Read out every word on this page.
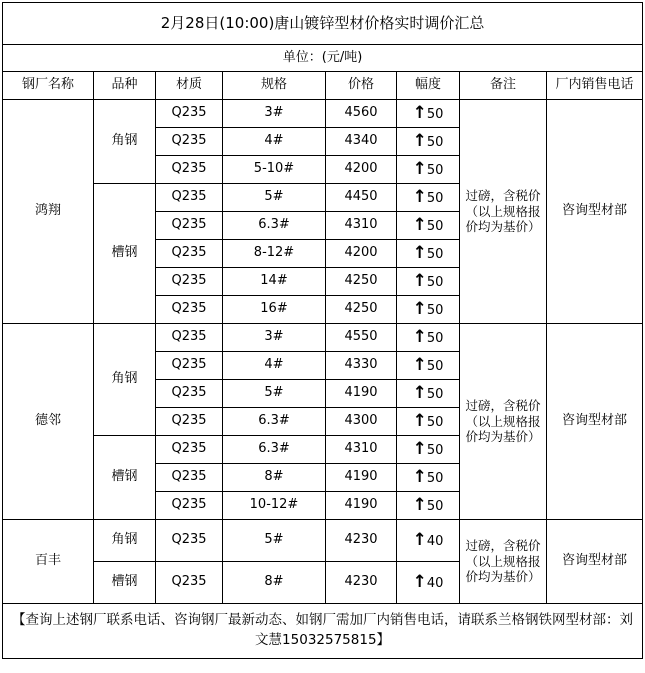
2月28日(10:00)唐山镀锌型材价格实时调价汇总							
单位：(元/吨)							
钢厂名称	品种	材质	规格	价格	幅度	备注	厂内销售电话
鸿翔	角钢	Q235	3#	4560	↑50	过磅，含税价（以上规格报价均为基价）	咨询型材部
		Q235	4#	4340	↑50		
		Q235	5-10#	4200	↑50		
	槽钢	Q235	5#	4450	↑50		
		Q235	6.3#	4310	↑50		
		Q235	8-12#	4200	↑50		
		Q235	14#	4250	↑50		
		Q235	16#	4250	↑50		
德邻	角钢	Q235	3#	4550	↑50	过磅，含税价（以上规格报价均为基价）	咨询型材部
		Q235	4#	4330	↑50		
		Q235	5#	4190	↑50		
		Q235	6.3#	4300	↑50		
	槽钢	Q235	6.3#	4310	↑50		
		Q235	8#	4190	↑50		
		Q235	10-12#	4190	↑50		
百丰	角钢	Q235	5#	4230	↑40	过磅，含税价（以上规格报价均为基价）	咨询型材部
	槽钢	Q235	8#	4230	↑40		
【查询上述钢厂联系电话、咨询钢厂最新动态、如钢厂需加厂内销售电话，请联系兰格钢铁网型材部：刘文慧15032575815】							
